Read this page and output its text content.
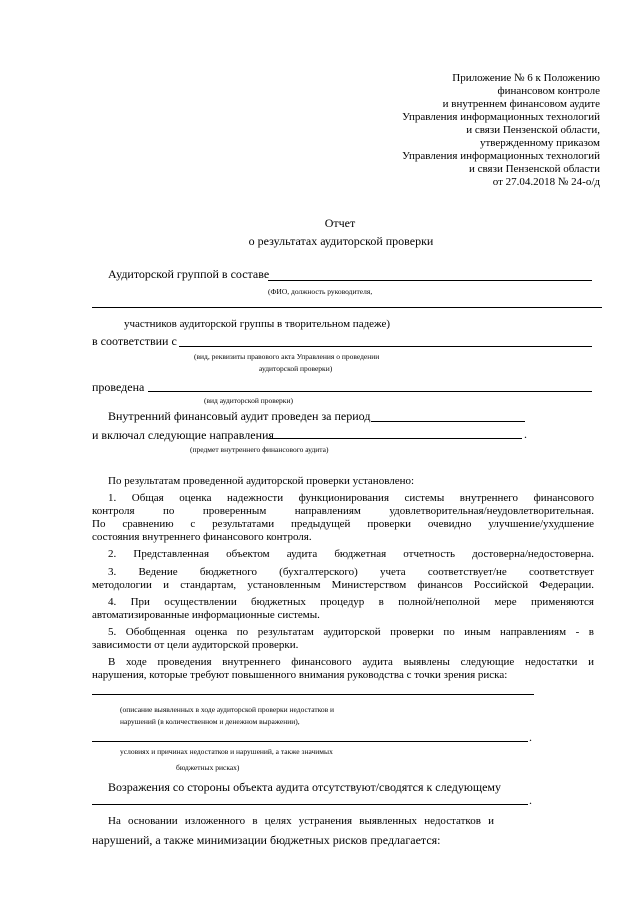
Приложение № 6 к Положению
финансовом контроле
и внутреннем финансовом аудите
Управления информационных технологий
и связи Пензенской области,
утвержденному приказом
Управления информационных технологий
и связи Пензенской области
от 27.04.2018 № 24-о/д
Отчет
о результатах аудиторской проверки
Аудиторской группой в составе
(ФИО, должность руководителя,
участников аудиторской группы в творительном падеже)
в соответствии с
(вид, реквизиты правового акта Управления о проведении
аудиторской проверки)
проведена
(вид аудиторской проверки)
Внутренний финансовый аудит проведен за период
и включал следующие направления	.
(предмет внутреннего финансового аудита)
По результатам проведенной аудиторской проверки установлено:
1. Общая оценка надежности функционирования системы внутреннего финансового
контроля по проверенным направлениям удовлетворительная/неудовлетворительная.
По сравнению с результатами предыдущей проверки очевидно улучшение/ухудшение
состояния внутреннего финансового контроля.
2. Представленная объектом аудита бюджетная отчетность достоверна/недостоверна.
3. Ведение бюджетного (бухгалтерского) учета соответствует/не соответствует
методологии и стандартам, установленным Министерством финансов Российской Федерации.
4. При осуществлении бюджетных процедур в полной/неполной мере применяются
автоматизированные информационные системы.
5. Обобщенная оценка по результатам аудиторской проверки по иным направлениям - в
зависимости от цели аудиторской проверки.
В ходе проведения внутреннего финансового аудита выявлены следующие недостатки и
нарушения, которые требуют повышенного внимания руководства с точки зрения риска:
(описание выявленных в ходе аудиторской проверки недостатков и
нарушений (в количественном и денежном выражении),
.
условиях и причинах недостатков и нарушений, а также значимых
бюджетных рисках)
Возражения со стороны объекта аудита отсутствуют/сводятся к следующему
.
На основании изложенного в целях устранения выявленных недостатков и
нарушений, а также минимизации бюджетных рисков предлагается:
